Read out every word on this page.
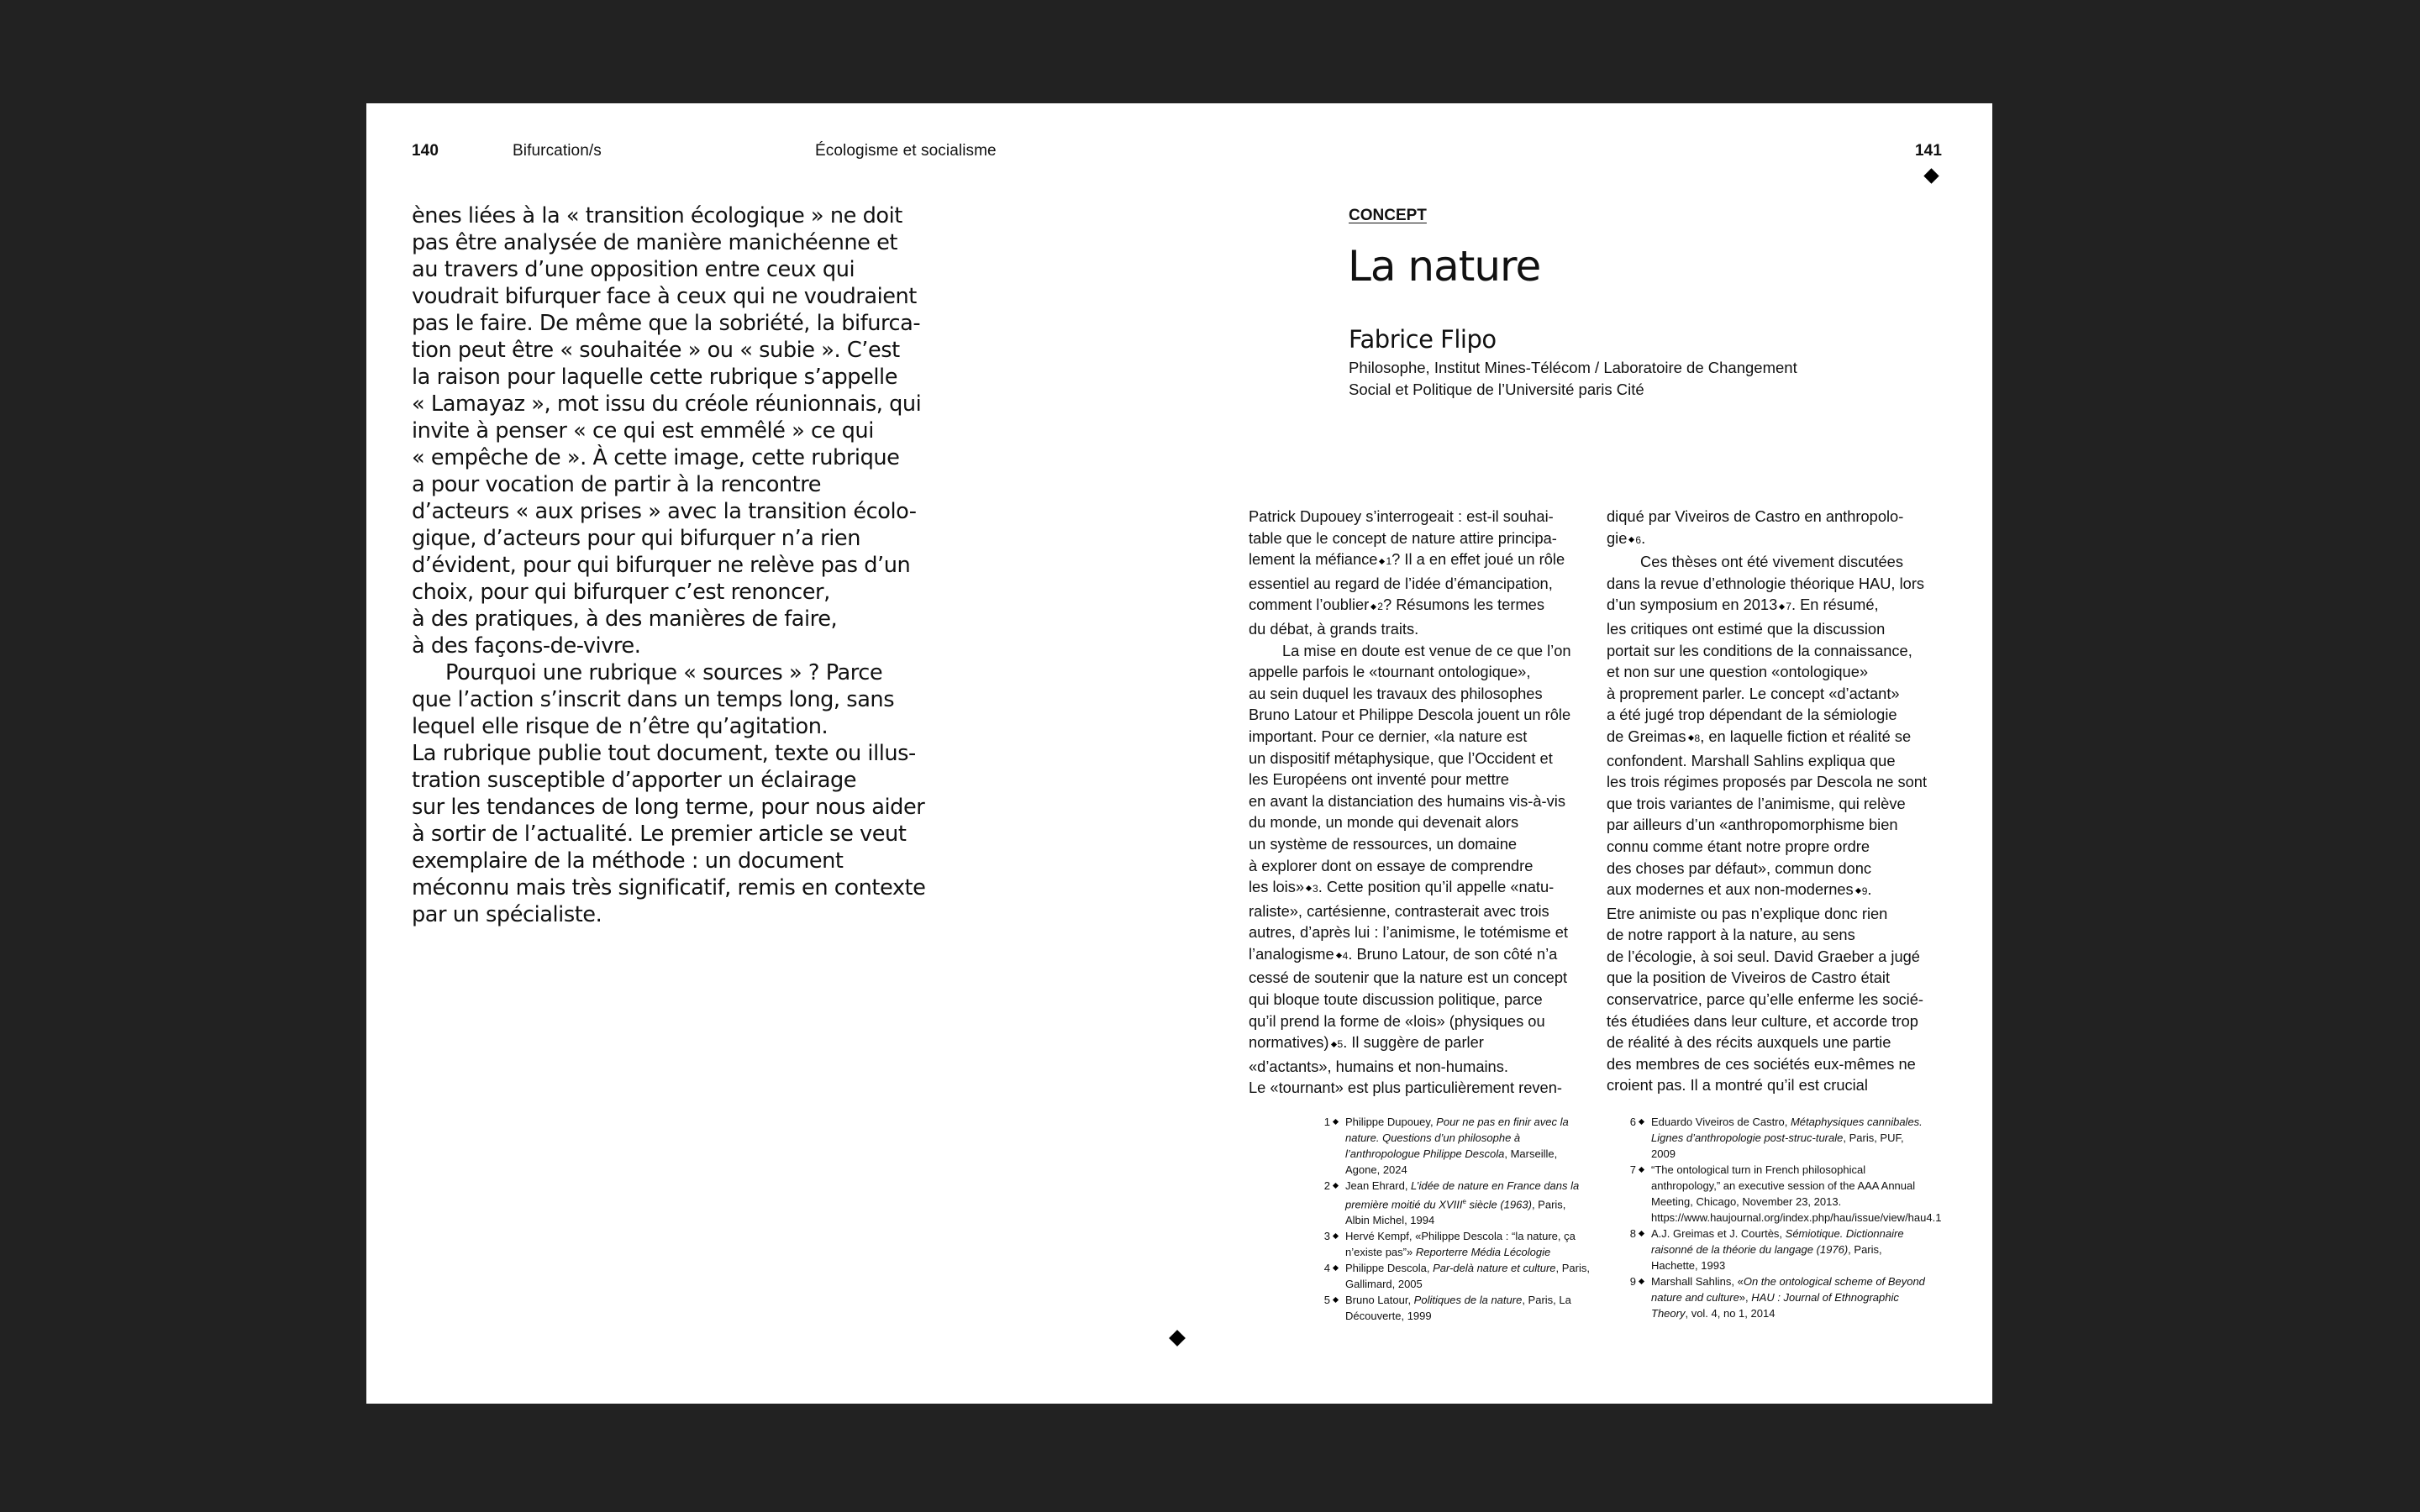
140	Bifurcation/s	Écologisme et socialisme	141
ènes liées à la « transition écologique » ne doit
pas être analysée de manière manichéenne et
au travers d’une opposition entre ceux qui
voudrait bifurquer face à ceux qui ne voudraient
pas le faire. De même que la sobriété, la bifurca-
tion peut être « souhaitée » ou « subie ». C’est
la raison pour laquelle cette rubrique s’appelle
« Lamayaz », mot issu du créole réunionnais, qui
invite à penser « ce qui est emmêlé » ce qui
« empêche de ». À cette image, cette rubrique
a pour vocation de partir à la rencontre
d’acteurs « aux prises » avec la transition écolo-
gique, d’acteurs pour qui bifurquer n’a rien
d’évident, pour qui bifurquer ne relève pas d’un
choix, pour qui bifurquer c’est renoncer,
à des pratiques, à des manières de faire,
à des façons-de-vivre.
Pourquoi une rubrique « sources » ? Parce
que l’action s’inscrit dans un temps long, sans
lequel elle risque de n’être qu’agitation.
La rubrique publie tout document, texte ou illus-
tration susceptible d’apporter un éclairage
sur les tendances de long terme, pour nous aider
à sortir de l’actualité. Le premier article se veut
exemplaire de la méthode : un document
méconnu mais très significatif, remis en contexte
par un spécialiste.
CONCEPT
La nature
Fabrice Flipo
Philosophe, Institut Mines-Télécom / Laboratoire de Changement
Social et Politique de l’Université paris Cité
Patrick Dupouey s’interrogeait : est-il souhai-
table que le concept de nature attire principa-
lement la méfiance 1? Il a en effet joué un rôle
essentiel au regard de l’idée d’émancipation,
comment l’oublier 2? Résumons les termes
du débat, à grands traits.
La mise en doute est venue de ce que l’on
appelle parfois le «tournant ontologique»,
au sein duquel les travaux des philosophes
Bruno Latour et Philippe Descola jouent un rôle
important. Pour ce dernier, «la nature est
un dispositif métaphysique, que l’Occident et
les Européens ont inventé pour mettre
en avant la distanciation des humains vis-à-vis
du monde, un monde qui devenait alors
un système de ressources, un domaine
à explorer dont on essaye de comprendre
les lois» 3. Cette position qu’il appelle «natu-
raliste», cartésienne, contrasterait avec trois
autres, d’après lui : l’animisme, le totémisme et
l’analogisme 4. Bruno Latour, de son côté n’a
cessé de soutenir que la nature est un concept
qui bloque toute discussion politique, parce
qu’il prend la forme de «lois» (physiques ou
normatives) 5. Il suggère de parler
«d’actants», humains et non-humains.
Le «tournant» est plus particulièrement reven-
diqué par Viveiros de Castro en anthropolo-
gie 6.
Ces thèses ont été vivement discutées
dans la revue d’ethnologie théorique HAU, lors
d’un symposium en 2013 7. En résumé,
les critiques ont estimé que la discussion
portait sur les conditions de la connaissance,
et non sur une question «ontologique»
à proprement parler. Le concept «d’actant»
a été jugé trop dépendant de la sémiologie
de Greimas 8, en laquelle fiction et réalité se
confondent. Marshall Sahlins expliqua que
les trois régimes proposés par Descola ne sont
que trois variantes de l’animisme, qui relève
par ailleurs d’un «anthropomorphisme bien
connu comme étant notre propre ordre
des choses par défaut», commun donc
aux modernes et aux non-modernes 9.
Etre animiste ou pas n’explique donc rien
de notre rapport à la nature, au sens
de l’écologie, à soi seul. David Graeber a jugé
que la position de Viveiros de Castro était
conservatrice, parce qu’elle enferme les socié-
tés étudiées dans leur culture, et accorde trop
de réalité à des récits auxquels une partie
des membres de ces sociétés eux-mêmes ne
croient pas. Il a montré qu’il est crucial
1	Philippe Dupouey, Pour ne pas en finir avec la nature. Questions d’un philosophe à l’anthropologue Philippe Descola, Marseille, Agone, 2024
2	Jean Ehrard, L’idée de nature en France dans la première moitié du XVIIIe siècle (1963), Paris, Albin Michel, 1994
3	Hervé Kempf, «Philippe Descola : “la nature, ça n’existe pas”» Reporterre Média Lécologie
4	Philippe Descola, Par-delà nature et culture, Paris, Gallimard, 2005
5	Bruno Latour, Politiques de la nature, Paris, La Découverte, 1999
6	Eduardo Viveiros de Castro, Métaphysiques cannibales. Lignes d’anthropologie post-struc-turale, Paris, PUF, 2009
7	“The ontological turn in French philosophical anthropology,” an executive session of the AAA Annual Meeting, Chicago, November 23, 2013. https://www.haujournal.org/index.php/hau/issue/view/hau4.1
8	A.J. Greimas et J. Courtès, Sémiotique. Dictionnaire raisonné de la théorie du langage (1976), Paris, Hachette, 1993
9	Marshall Sahlins, «On the ontological scheme of Beyond nature and culture», HAU : Journal of Ethnographic Theory, vol. 4, no 1, 2014
